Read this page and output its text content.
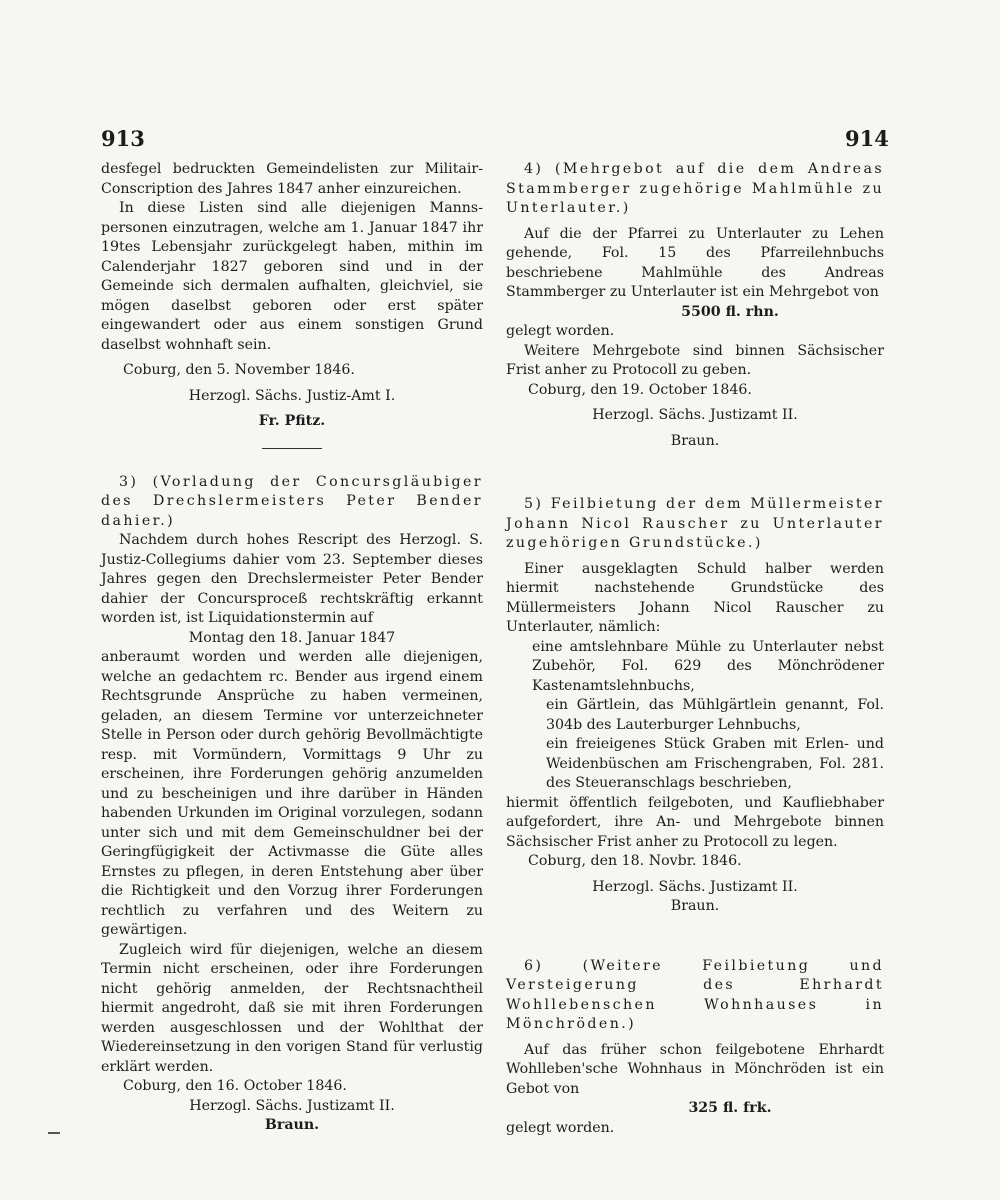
913	914

desfegel bedruckten Gemeindelisten zur Militair-Conscription des Jahres 1847 anher einzureichen.

In diese Listen sind alle diejenigen Manns-personen einzutragen, welche am 1. Januar 1847 ihr 19tes Lebensjahr zurückgelegt haben, mithin im Calenderjahr 1827 geboren sind und in der Gemeinde sich dermalen aufhalten, gleichviel, sie mögen daselbst geboren oder erst später eingewandert oder aus einem sonstigen Grund daselbst wohnhaft sein.

Coburg, den 5. November 1846.

Herzogl. Sächs. Justiz-Amt I.

Fr. Pfitz.

3) (Vorladung der Concursgläubiger des Drechslermeisters Peter Bender dahier.)

Nachdem durch hohes Rescript des Herzogl. S. Justiz-Collegiums dahier vom 23. September dieses Jahres gegen den Drechslermeister Peter Bender dahier der Concursproceß rechtskräftig erkannt worden ist, ist Liquidationstermin auf

Montag den 18. Januar 1847

anberaumt worden und werden alle diejenigen, welche an gedachtem rc. Bender aus irgend einem Rechtsgrunde Ansprüche zu haben vermeinen, geladen, an diesem Termine vor unterzeichneter Stelle in Person oder durch gehörig Bevollmächtigte resp. mit Vormündern, Vormittags 9 Uhr zu erscheinen, ihre Forderungen gehörig anzumelden und zu bescheinigen und ihre darüber in Händen habenden Urkunden im Original vorzulegen, sodann unter sich und mit dem Gemeinschuldner bei der Geringfügigkeit der Activmasse die Güte alles Ernstes zu pflegen, in deren Entstehung aber über die Richtigkeit und den Vorzug ihrer Forderungen rechtlich zu verfahren und des Weitern zu gewärtigen.

Zugleich wird für diejenigen, welche an diesem Termin nicht erscheinen, oder ihre Forderungen nicht gehörig anmelden, der Rechtsnachtheil hiermit angedroht, daß sie mit ihren Forderungen werden ausgeschlossen und der Wohlthat der Wiedereinsetzung in den vorigen Stand für verlustig erklärt werden.

Coburg, den 16. October 1846.

Herzogl. Sächs. Justizamt II.

Braun.

4) (Mehrgebot auf die dem Andreas Stammberger zugehörige Mahlmühle zu Unterlauter.)

Auf die der Pfarrei zu Unterlauter zu Lehen gehende, Fol. 15 des Pfarreilehnbuchs beschriebene Mahlmühle des Andreas Stammberger zu Unterlauter ist ein Mehrgebot von

5500 fl. rhn.

gelegt worden.

Weitere Mehrgebote sind binnen Sächsischer Frist anher zu Protocoll zu geben.

Coburg, den 19. October 1846.

Herzogl. Sächs. Justizamt II.

Braun.

5) Feilbietung der dem Müllermeister Johann Nicol Rauscher zu Unterlauter zugehörigen Grundstücke.)

Einer ausgeklagten Schuld halber werden hiermit nachstehende Grundstücke des Müllermeisters Johann Nicol Rauscher zu Unterlauter, nämlich:

eine amtslehnbare Mühle zu Unterlauter nebst Zubehör, Fol. 629 des Mönchrödener Kastenamtslehnbuchs,

ein Gärtlein, das Mühlgärtlein genannt, Fol. 304b des Lauterburger Lehnbuchs,

ein freieigenes Stück Graben mit Erlen- und Weidenbüschen am Frischengraben, Fol. 281. des Steueranschlags beschrieben,

hiermit öffentlich feilgeboten, und Kaufliebhaber aufgefordert, ihre An- und Mehrgebote binnen Sächsischer Frist anher zu Protocoll zu legen.

Coburg, den 18. Novbr. 1846.

Herzogl. Sächs. Justizamt II.

Braun.

6) (Weitere Feilbietung und Versteigerung des Ehrhardt Wohllebenschen Wohnhauses in Mönchröden.)

Auf das früher schon feilgebotene Ehrhardt Wohlleben'sche Wohnhaus in Mönchröden ist ein Gebot von

325 fl. frk.

gelegt worden.
